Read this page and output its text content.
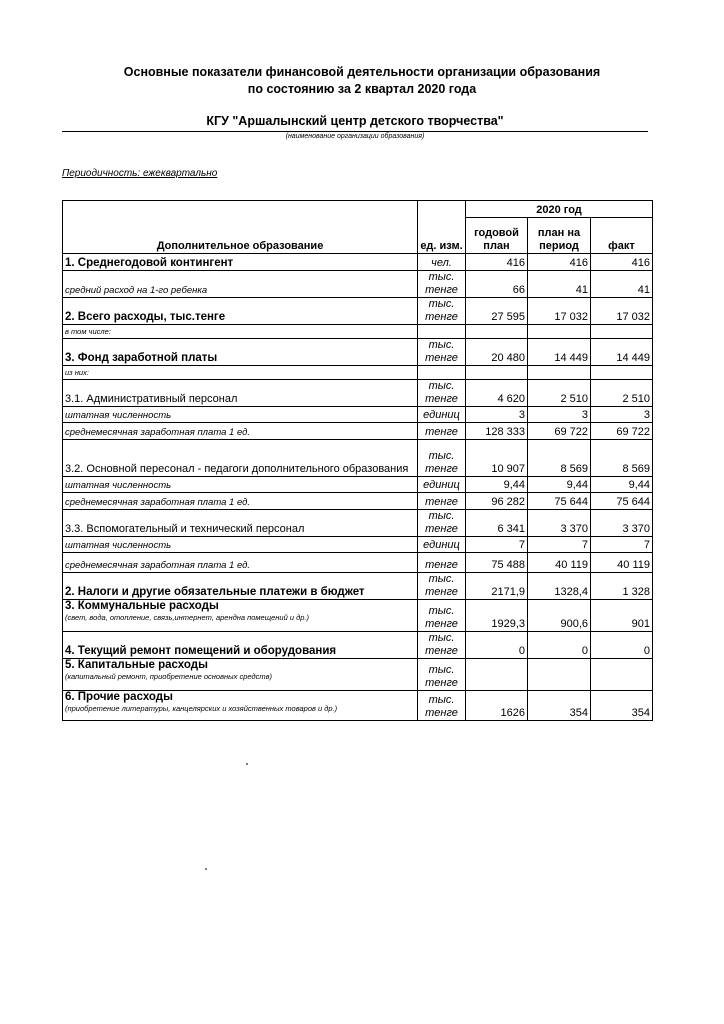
Основные показатели финансовой деятельности организации образования
по состоянию за 2 квартал 2020 года
КГУ "Аршалынский центр детского творчества"
(наименование организации образования)
Периодичность: ежеквартально
Дополнительное образование	ед. изм.	2020 год		
		годовой план	план на период	факт
1. Среднегодовой контингент	чел.	416	416	416
средний расход на 1-го ребенка	тыс. тенге	66	41	41
2. Всего расходы, тыс.тенге	тыс. тенге	27 595	17 032	17 032
в том числе:				
3. Фонд заработной платы	тыс. тенге	20 480	14 449	14 449
из них:				
3.1. Административный персонал	тыс. тенге	4 620	2 510	2 510
штатная численность	единиц	3	3	3
среднемесячная заработная плата 1 ед.	тенге	128 333	69 722	69 722
3.2. Основной пересонал - педагоги дополнительного образования	тыс. тенге	10 907	8 569	8 569
штатная численность	единиц	9,44	9,44	9,44
среднемесячная заработная плата 1 ед.	тенге	96 282	75 644	75 644
3.3. Вспомогательный и технический персонал	тыс. тенге	6 341	3 370	3 370
штатная численность	единиц	7	7	7
среднемесячная заработная плата 1 ед.	тенге	75 488	40 119	40 119
2. Налоги и другие обязательные платежи в бюджет	тыс. тенге	2171,9	1328,4	1 328
3. Коммунальные расходы
(свет, вода, отопление, связь,интернет, арендна помещений и др.)	тыс. тенге	1929,3	900,6	901
4. Текущий ремонт помещений и оборудования	тыс. тенге	0	0	0
5. Капитальные расходы
(капитальный ремонт, приобретение основных средств)	тыс. тенге			
6. Прочие расходы
(приобретение литературы, канцелярских и хозяйственных товаров и др.)	тыс. тенге	1626	354	354
